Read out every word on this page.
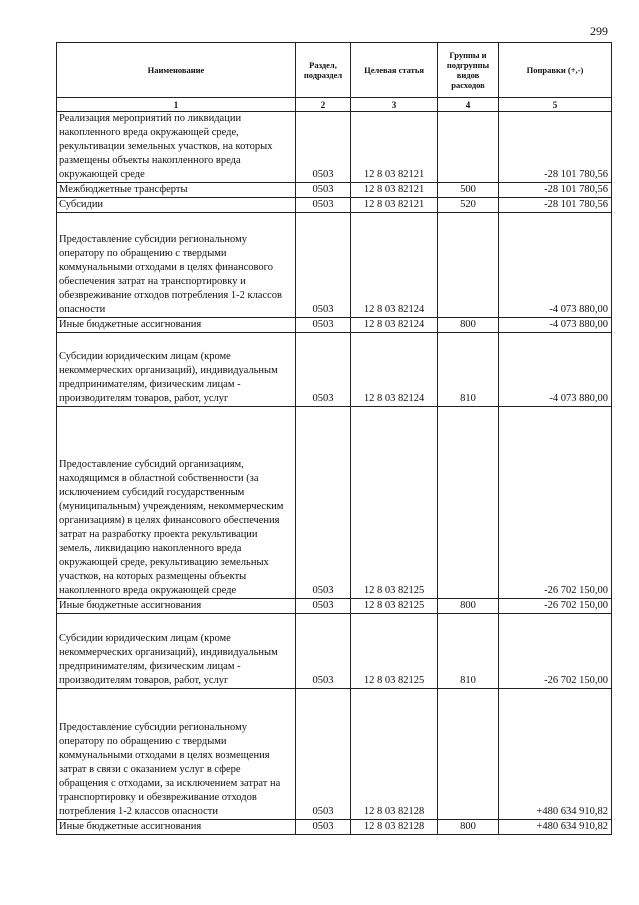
299
Наименование	Раздел, подраздел	Целевая статья	Группы и подгруппы видов расходов	Поправки (+,-)
1	2	3	4	5
Реализация мероприятий по ликвидации накопленного вреда окружающей среде, рекультивации земельных участков, на которых размещены объекты накопленного вреда окружающей среде	0503	12 8 03 82121		-28 101 780,56
Межбюджетные трансферты	0503	12 8 03 82121	500	-28 101 780,56
Субсидии	0503	12 8 03 82121	520	-28 101 780,56
Предоставление субсидии региональному оператору по обращению с твердыми коммунальными отходами в целях финансового обеспечения затрат на транспортировку и обезвреживание отходов потребления 1-2 классов опасности	0503	12 8 03 82124		-4 073 880,00
Иные бюджетные ассигнования	0503	12 8 03 82124	800	-4 073 880,00
Субсидии юридическим лицам (кроме некоммерческих организаций), индивидуальным предпринимателям, физическим лицам - производителям товаров, работ, услуг	0503	12 8 03 82124	810	-4 073 880,00
Предоставление субсидий организациям, находящимся в областной собственности (за исключением субсидий государственным (муниципальным) учреждениям, некоммерческим организациям) в целях финансового обеспечения затрат на разработку проекта рекультивации земель, ликвидацию накопленного вреда окружающей среде, рекультивацию земельных участков, на которых размещены объекты накопленного вреда окружающей среде	0503	12 8 03 82125		-26 702 150,00
Иные бюджетные ассигнования	0503	12 8 03 82125	800	-26 702 150,00
Субсидии юридическим лицам (кроме некоммерческих организаций), индивидуальным предпринимателям, физическим лицам - производителям товаров, работ, услуг	0503	12 8 03 82125	810	-26 702 150,00
Предоставление субсидии региональному оператору по обращению с твердыми коммунальными отходами в целях возмещения затрат в связи с оказанием услуг в сфере обращения с отходами, за исключением затрат на транспортировку и обезвреживание отходов потребления 1-2 классов опасности	0503	12 8 03 82128		+480 634 910,82
Иные бюджетные ассигнования	0503	12 8 03 82128	800	+480 634 910,82
